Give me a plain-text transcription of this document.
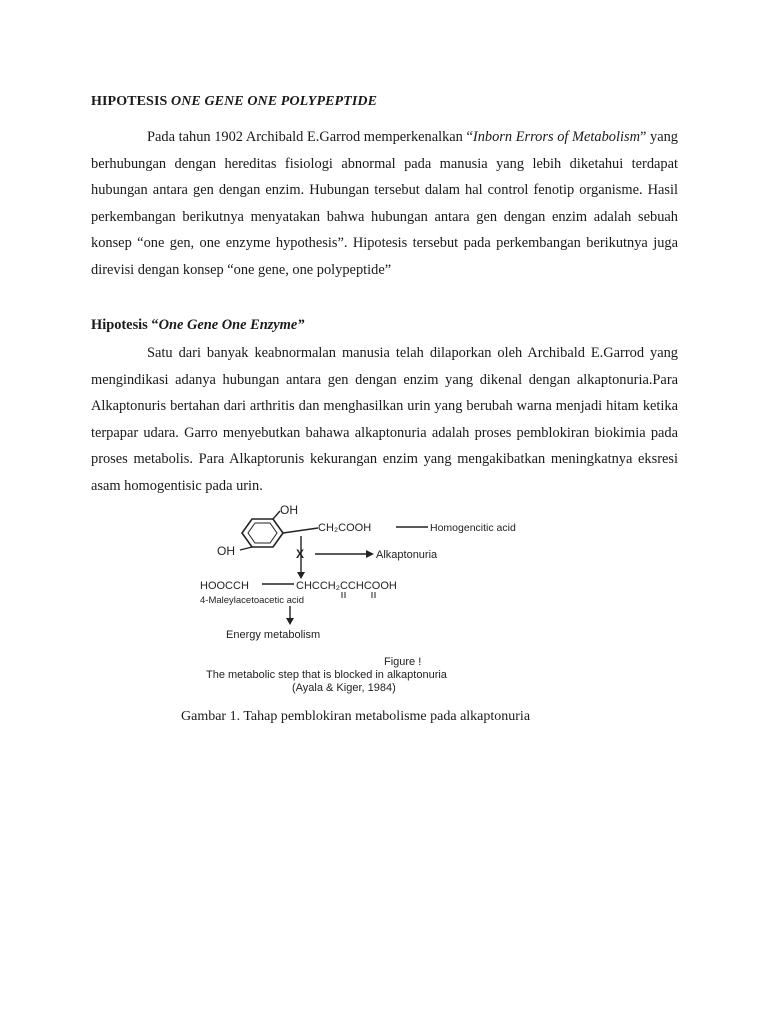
HIPOTESIS ONE GENE ONE POLYPEPTIDE

Pada tahun 1902 Archibald E.Garrod memperkenalkan “Inborn Errors of Metabolism” yang berhubungan dengan hereditas fisiologi abnormal pada manusia yang lebih diketahui terdapat hubungan antara gen dengan enzim. Hubungan tersebut dalam hal control fenotip organisme. Hasil perkembangan berikutnya menyatakan bahwa hubungan antara gen dengan enzim adalah sebuah konsep “one gen, one enzyme hypothesis”. Hipotesis tersebut pada perkembangan berikutnya juga direvisi dengan konsep “one gene, one polypeptide”

Hipotesis “One Gene One Enzyme”

Satu dari banyak keabnormalan manusia telah dilaporkan oleh Archibald E.Garrod yang mengindikasi adanya hubungan antara gen dengan enzim yang dikenal dengan alkaptonuria.Para Alkaptonuris bertahan dari arthritis dan menghasilkan urin yang berubah warna menjadi hitam ketika terpapar udara. Garro menyebutkan bahawa alkaptonuria adalah proses pemblokiran biokimia pada proses metabolis. Para Alkaptorunis kekurangan enzim yang mengakibatkan meningkatnya eksresi asam homogentisic pada urin.

OH
CH₂COOH	Homogencitic acid
OH	X	Alkaptonuria
HOOCCH	CHCCH₂CCHCOOH
4-Maleylacetoacetic acid
Energy metabolism
Figure !
The metabolic step that is blocked in alkaptonuria
(Ayala & Kiger, 1984)
Gambar 1. Tahap pemblokiran metabolisme pada alkaptonuria
